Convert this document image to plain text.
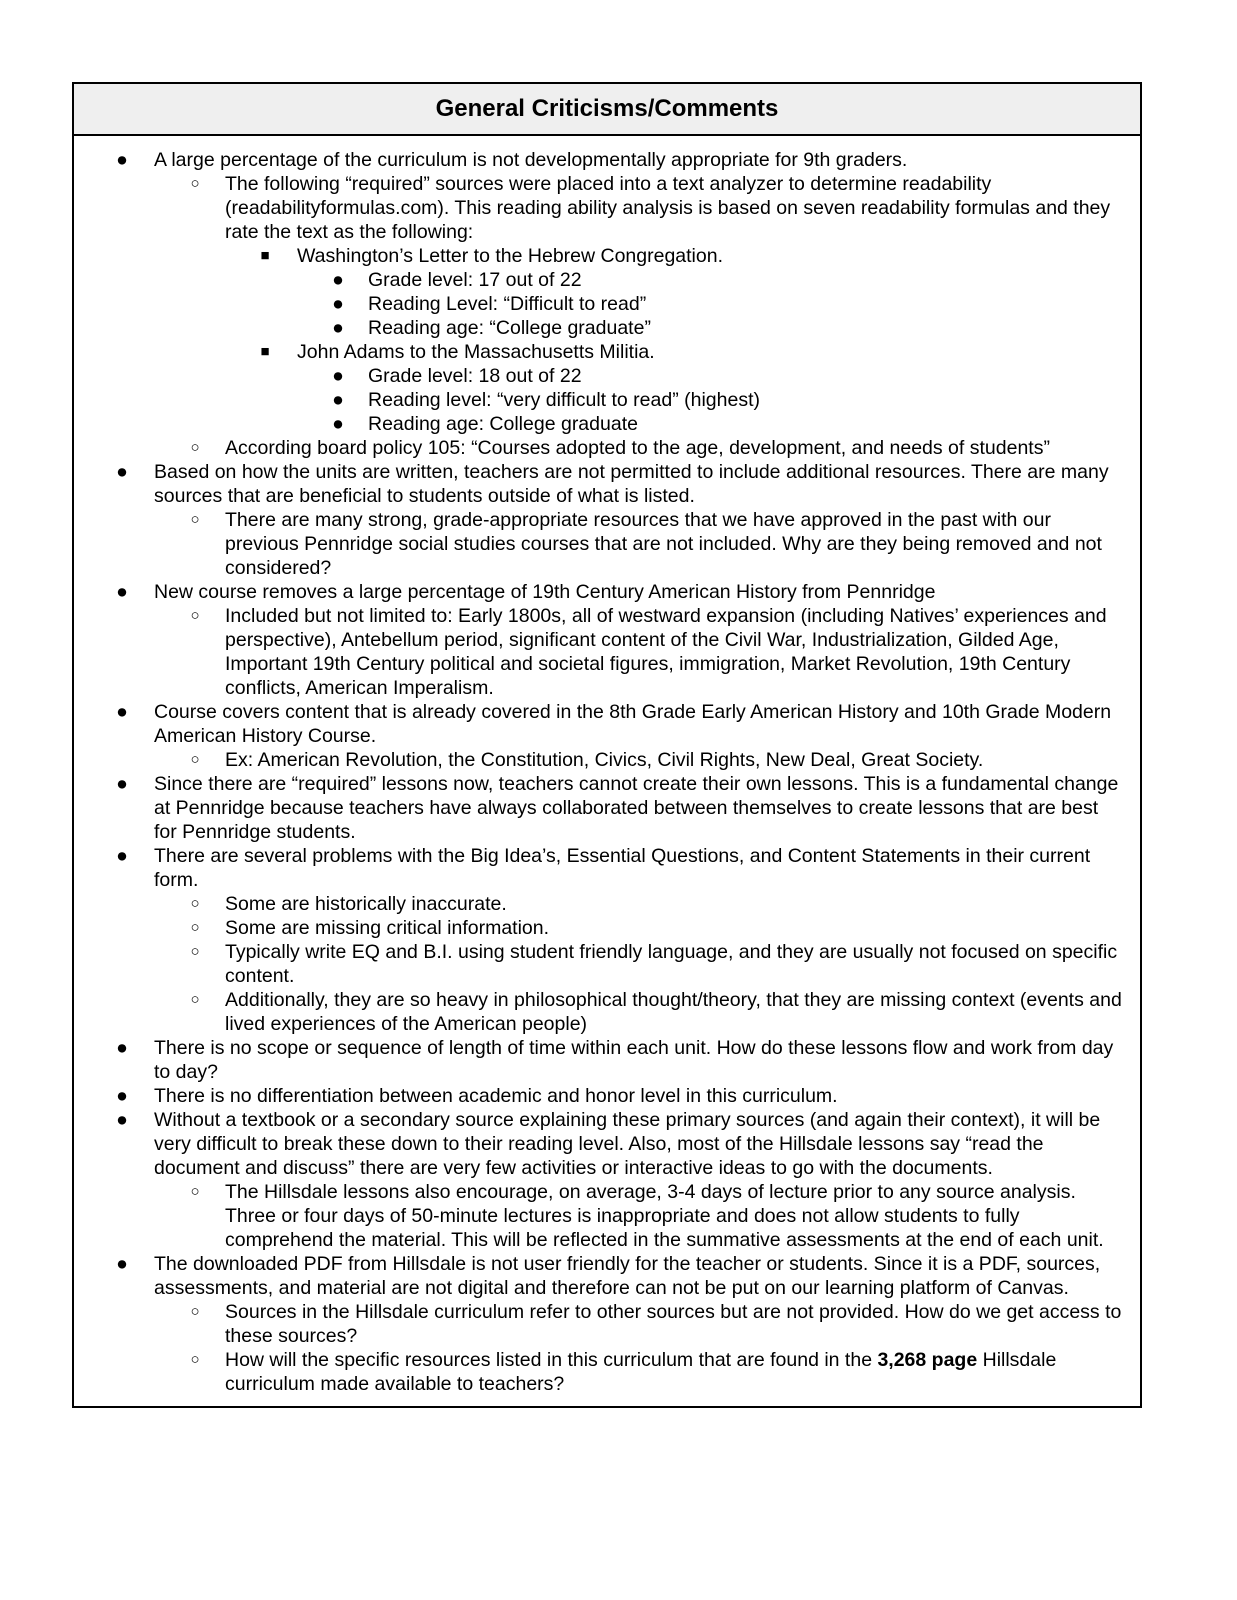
General Criticisms/Comments
● A large percentage of the curriculum is not developmentally appropriate for 9th graders.
○ The following “required” sources were placed into a text analyzer to determine readability (readabilityformulas.com). This reading ability analysis is based on seven readability formulas and they rate the text as the following:
■ Washington’s Letter to the Hebrew Congregation.
● Grade level: 17 out of 22
● Reading Level: “Difficult to read”
● Reading age: “College graduate”
■ John Adams to the Massachusetts Militia.
● Grade level: 18 out of 22
● Reading level: “very difficult to read” (highest)
● Reading age: College graduate
○ According board policy 105: “Courses adopted to the age, development, and needs of students”
● Based on how the units are written, teachers are not permitted to include additional resources. There are many sources that are beneficial to students outside of what is listed.
○ There are many strong, grade-appropriate resources that we have approved in the past with our previous Pennridge social studies courses that are not included. Why are they being removed and not considered?
● New course removes a large percentage of 19th Century American History from Pennridge
○ Included but not limited to: Early 1800s, all of westward expansion (including Natives’ experiences and perspective), Antebellum period, significant content of the Civil War, Industrialization, Gilded Age, Important 19th Century political and societal figures, immigration, Market Revolution, 19th Century conflicts, American Imperalism.
● Course covers content that is already covered in the 8th Grade Early American History and 10th Grade Modern American History Course.
○ Ex: American Revolution, the Constitution, Civics, Civil Rights, New Deal, Great Society.
● Since there are “required” lessons now, teachers cannot create their own lessons. This is a fundamental change at Pennridge because teachers have always collaborated between themselves to create lessons that are best for Pennridge students.
● There are several problems with the Big Idea’s, Essential Questions, and Content Statements in their current form.
○ Some are historically inaccurate.
○ Some are missing critical information.
○ Typically write EQ and B.I. using student friendly language, and they are usually not focused on specific content.
○ Additionally, they are so heavy in philosophical thought/theory, that they are missing context (events and lived experiences of the American people)
● There is no scope or sequence of length of time within each unit. How do these lessons flow and work from day to day?
● There is no differentiation between academic and honor level in this curriculum.
● Without a textbook or a secondary source explaining these primary sources (and again their context), it will be very difficult to break these down to their reading level. Also, most of the Hillsdale lessons say “read the document and discuss” there are very few activities or interactive ideas to go with the documents.
○ The Hillsdale lessons also encourage, on average, 3-4 days of lecture prior to any source analysis. Three or four days of 50-minute lectures is inappropriate and does not allow students to fully comprehend the material. This will be reflected in the summative assessments at the end of each unit.
● The downloaded PDF from Hillsdale is not user friendly for the teacher or students. Since it is a PDF, sources, assessments, and material are not digital and therefore can not be put on our learning platform of Canvas.
○ Sources in the Hillsdale curriculum refer to other sources but are not provided. How do we get access to these sources?
○ How will the specific resources listed in this curriculum that are found in the 3,268 page Hillsdale curriculum made available to teachers?
